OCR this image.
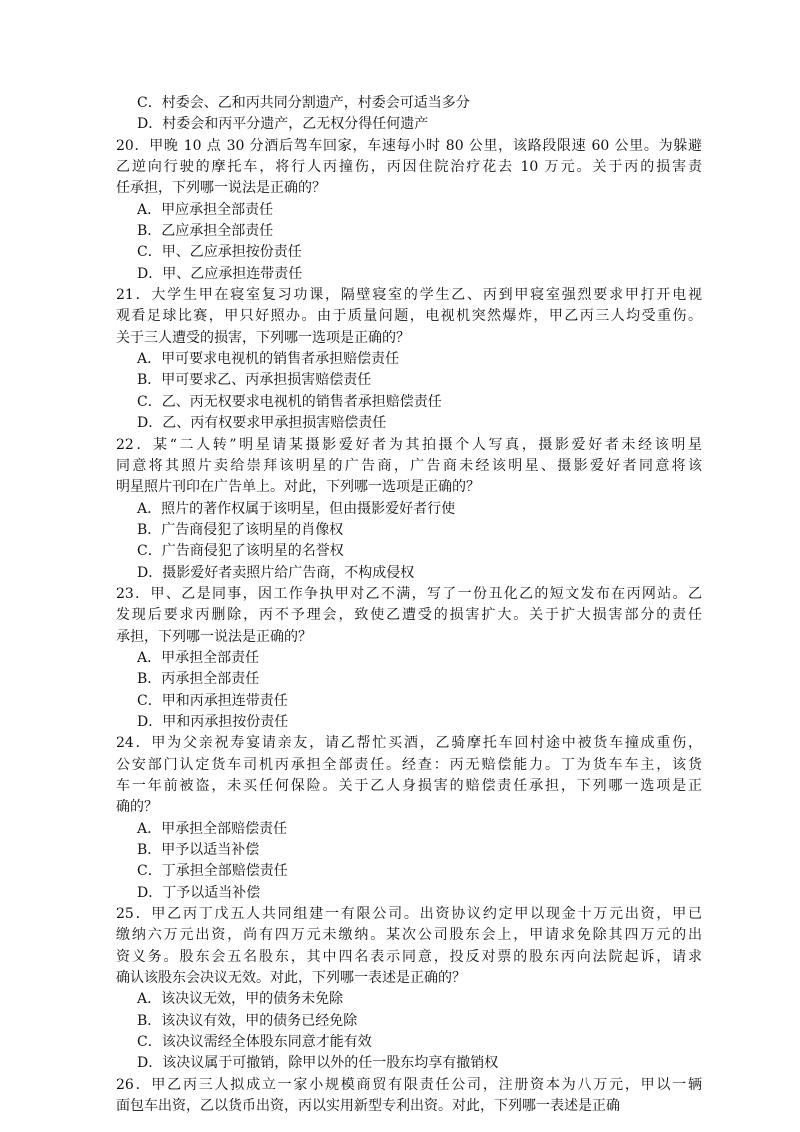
C．村委会、乙和丙共同分割遗产，村委会可适当多分
D．村委会和丙平分遗产，乙无权分得任何遗产
20．甲晚 10 点 30 分酒后驾车回家，车速每小时 80 公里，该路段限速 60 公里。为躲避
乙逆向行驶的摩托车，将行人丙撞伤，丙因住院治疗花去 10 万元。关于丙的损害责
任承担，下列哪一说法是正确的？
A．甲应承担全部责任
B．乙应承担全部责任
C．甲、乙应承担按份责任
D．甲、乙应承担连带责任
21．大学生甲在寝室复习功课，隔壁寝室的学生乙、丙到甲寝室强烈要求甲打开电视
观看足球比赛，甲只好照办。由于质量问题，电视机突然爆炸，甲乙丙三人均受重伤。
关于三人遭受的损害，下列哪一选项是正确的？
A．甲可要求电视机的销售者承担赔偿责任
B．甲可要求乙、丙承担损害赔偿责任
C．乙、丙无权要求电视机的销售者承担赔偿责任
D．乙、丙有权要求甲承担损害赔偿责任
22．某“二人转”明星请某摄影爱好者为其拍摄个人写真，摄影爱好者未经该明星
同意将其照片卖给崇拜该明星的广告商，广告商未经该明星、摄影爱好者同意将该
明星照片刊印在广告单上。对此，下列哪一选项是正确的？
A．照片的著作权属于该明星，但由摄影爱好者行使
B．广告商侵犯了该明星的肖像权
C．广告商侵犯了该明星的名誉权
D．摄影爱好者卖照片给广告商，不构成侵权
23．甲、乙是同事，因工作争执甲对乙不满，写了一份丑化乙的短文发布在丙网站。乙
发现后要求丙删除，丙不予理会，致使乙遭受的损害扩大。关于扩大损害部分的责任
承担，下列哪一说法是正确的？
A．甲承担全部责任
B．丙承担全部责任
C．甲和丙承担连带责任
D．甲和丙承担按份责任
24．甲为父亲祝寿宴请亲友，请乙帮忙买酒，乙骑摩托车回村途中被货车撞成重伤，
公安部门认定货车司机丙承担全部责任。经查：丙无赔偿能力。丁为货车车主，该货
车一年前被盗，未买任何保险。关于乙人身损害的赔偿责任承担，下列哪一选项是正
确的？
A．甲承担全部赔偿责任
B．甲予以适当补偿
C．丁承担全部赔偿责任
D．丁予以适当补偿
25．甲乙丙丁戊五人共同组建一有限公司。出资协议约定甲以现金十万元出资，甲已
缴纳六万元出资，尚有四万元未缴纳。某次公司股东会上，甲请求免除其四万元的出
资义务。股东会五名股东，其中四名表示同意，投反对票的股东丙向法院起诉，请求
确认该股东会决议无效。对此，下列哪一表述是正确的？
A．该决议无效，甲的债务未免除
B．该决议有效，甲的债务已经免除
C．该决议需经全体股东同意才能有效
D．该决议属于可撤销，除甲以外的任一股东均享有撤销权
26．甲乙丙三人拟成立一家小规模商贸有限责任公司，注册资本为八万元，甲以一辆
面包车出资，乙以货币出资，丙以实用新型专利出资。对此，下列哪一表述是正确
